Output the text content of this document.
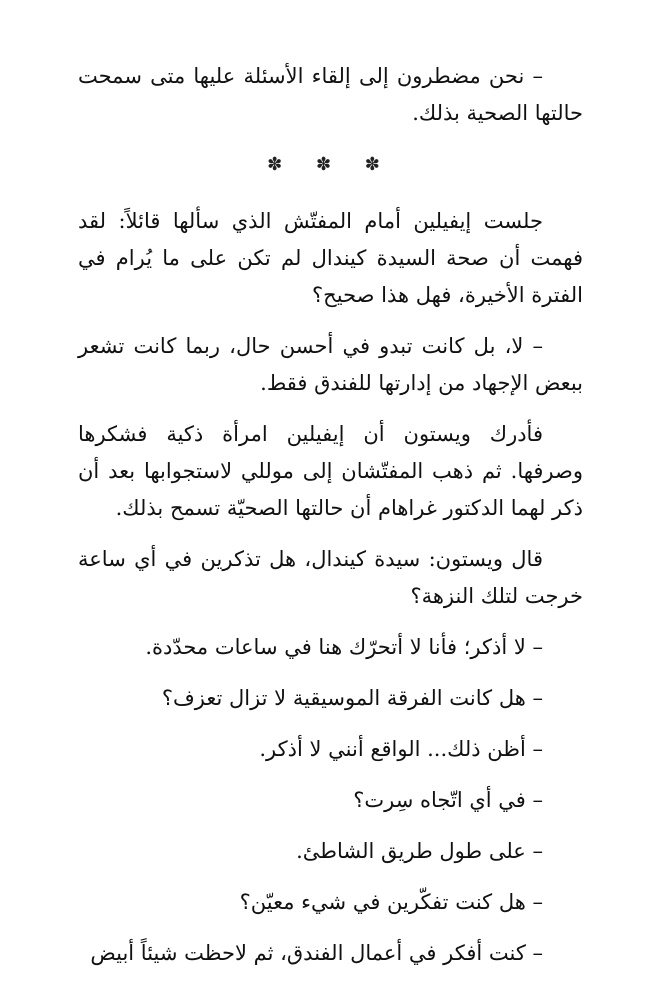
– نحن مضطرون إلى إلقاء الأسئلة عليها متى سمحت حالتها الصحية بذلك.

✽ ✽ ✽

جلست إيفيلين أمام المفتّش الذي سألها قائلاً: لقد فهمت أن صحة السيدة كيندال لم تكن على ما يُرام في الفترة الأخيرة، فهل هذا صحيح؟

– لا، بل كانت تبدو في أحسن حال، ربما كانت تشعر ببعض الإجهاد من إدارتها للفندق فقط.

فأدرك ويستون أن إيفيلين امرأة ذكية فشكرها وصرفها. ثم ذهب المفتّشان إلى موللي لاستجوابها بعد أن ذكر لهما الدكتور غراهام أن حالتها الصحيّة تسمح بذلك.

قال ويستون: سيدة كيندال، هل تذكرين في أي ساعة خرجت لتلك النزهة؟

– لا أذكر؛ فأنا لا أتحرّك هنا في ساعات محدّدة.

– هل كانت الفرقة الموسيقية لا تزال تعزف؟

– أظن ذلك... الواقع أنني لا أذكر.

– في أي اتّجاه سِرت؟

– على طول طريق الشاطئ.

– هل كنت تفكّرين في شيء معيّن؟

– كنت أفكر في أعمال الفندق، ثم لاحظت شيئاً أبيض
